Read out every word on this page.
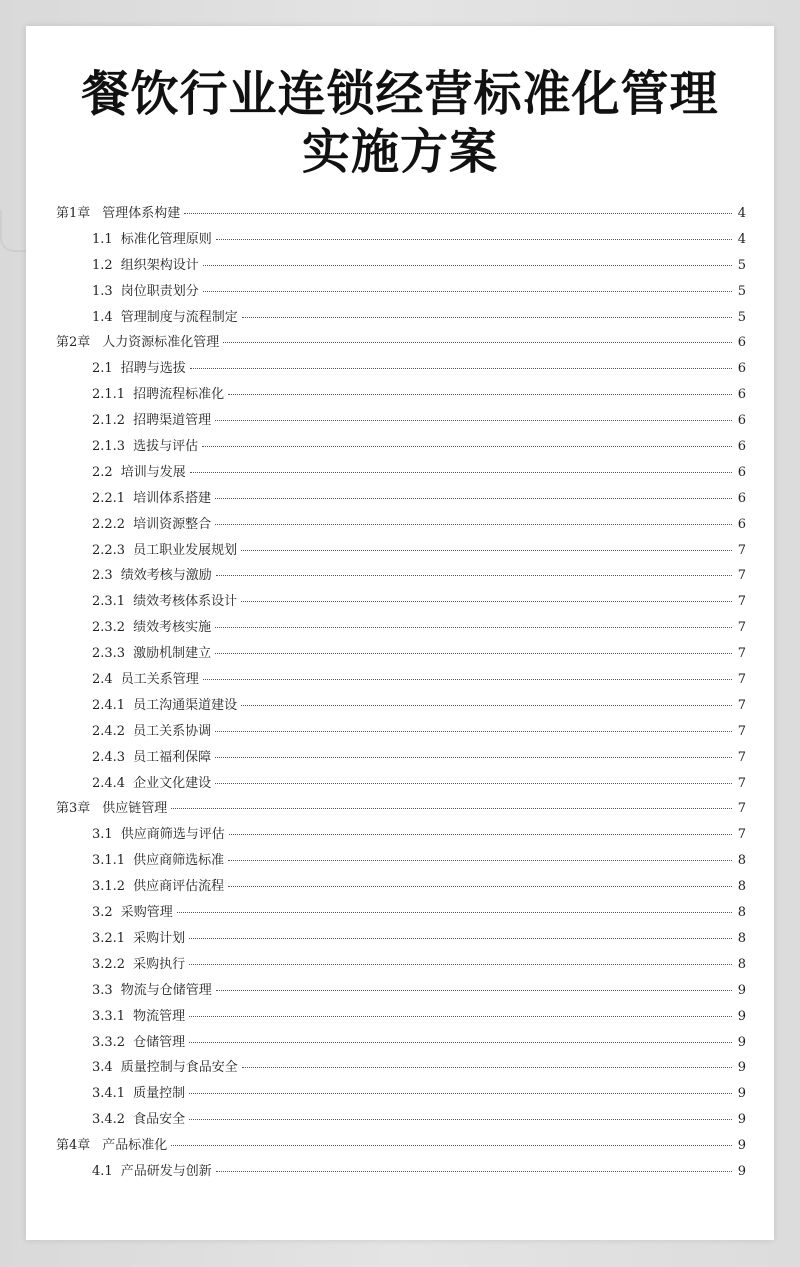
餐饮行业连锁经营标准化管理
实施方案
第1章 管理体系构建	4
1.1 标准化管理原则	4
1.2 组织架构设计	5
1.3 岗位职责划分	5
1.4 管理制度与流程制定	5
第2章 人力资源标准化管理	6
2.1 招聘与选拔	6
2.1.1 招聘流程标准化	6
2.1.2 招聘渠道管理	6
2.1.3 选拔与评估	6
2.2 培训与发展	6
2.2.1 培训体系搭建	6
2.2.2 培训资源整合	6
2.2.3 员工职业发展规划	7
2.3 绩效考核与激励	7
2.3.1 绩效考核体系设计	7
2.3.2 绩效考核实施	7
2.3.3 激励机制建立	7
2.4 员工关系管理	7
2.4.1 员工沟通渠道建设	7
2.4.2 员工关系协调	7
2.4.3 员工福利保障	7
2.4.4 企业文化建设	7
第3章 供应链管理	7
3.1 供应商筛选与评估	7
3.1.1 供应商筛选标准	8
3.1.2 供应商评估流程	8
3.2 采购管理	8
3.2.1 采购计划	8
3.2.2 采购执行	8
3.3 物流与仓储管理	9
3.3.1 物流管理	9
3.3.2 仓储管理	9
3.4 质量控制与食品安全	9
3.4.1 质量控制	9
3.4.2 食品安全	9
第4章 产品标准化	9
4.1 产品研发与创新	9
